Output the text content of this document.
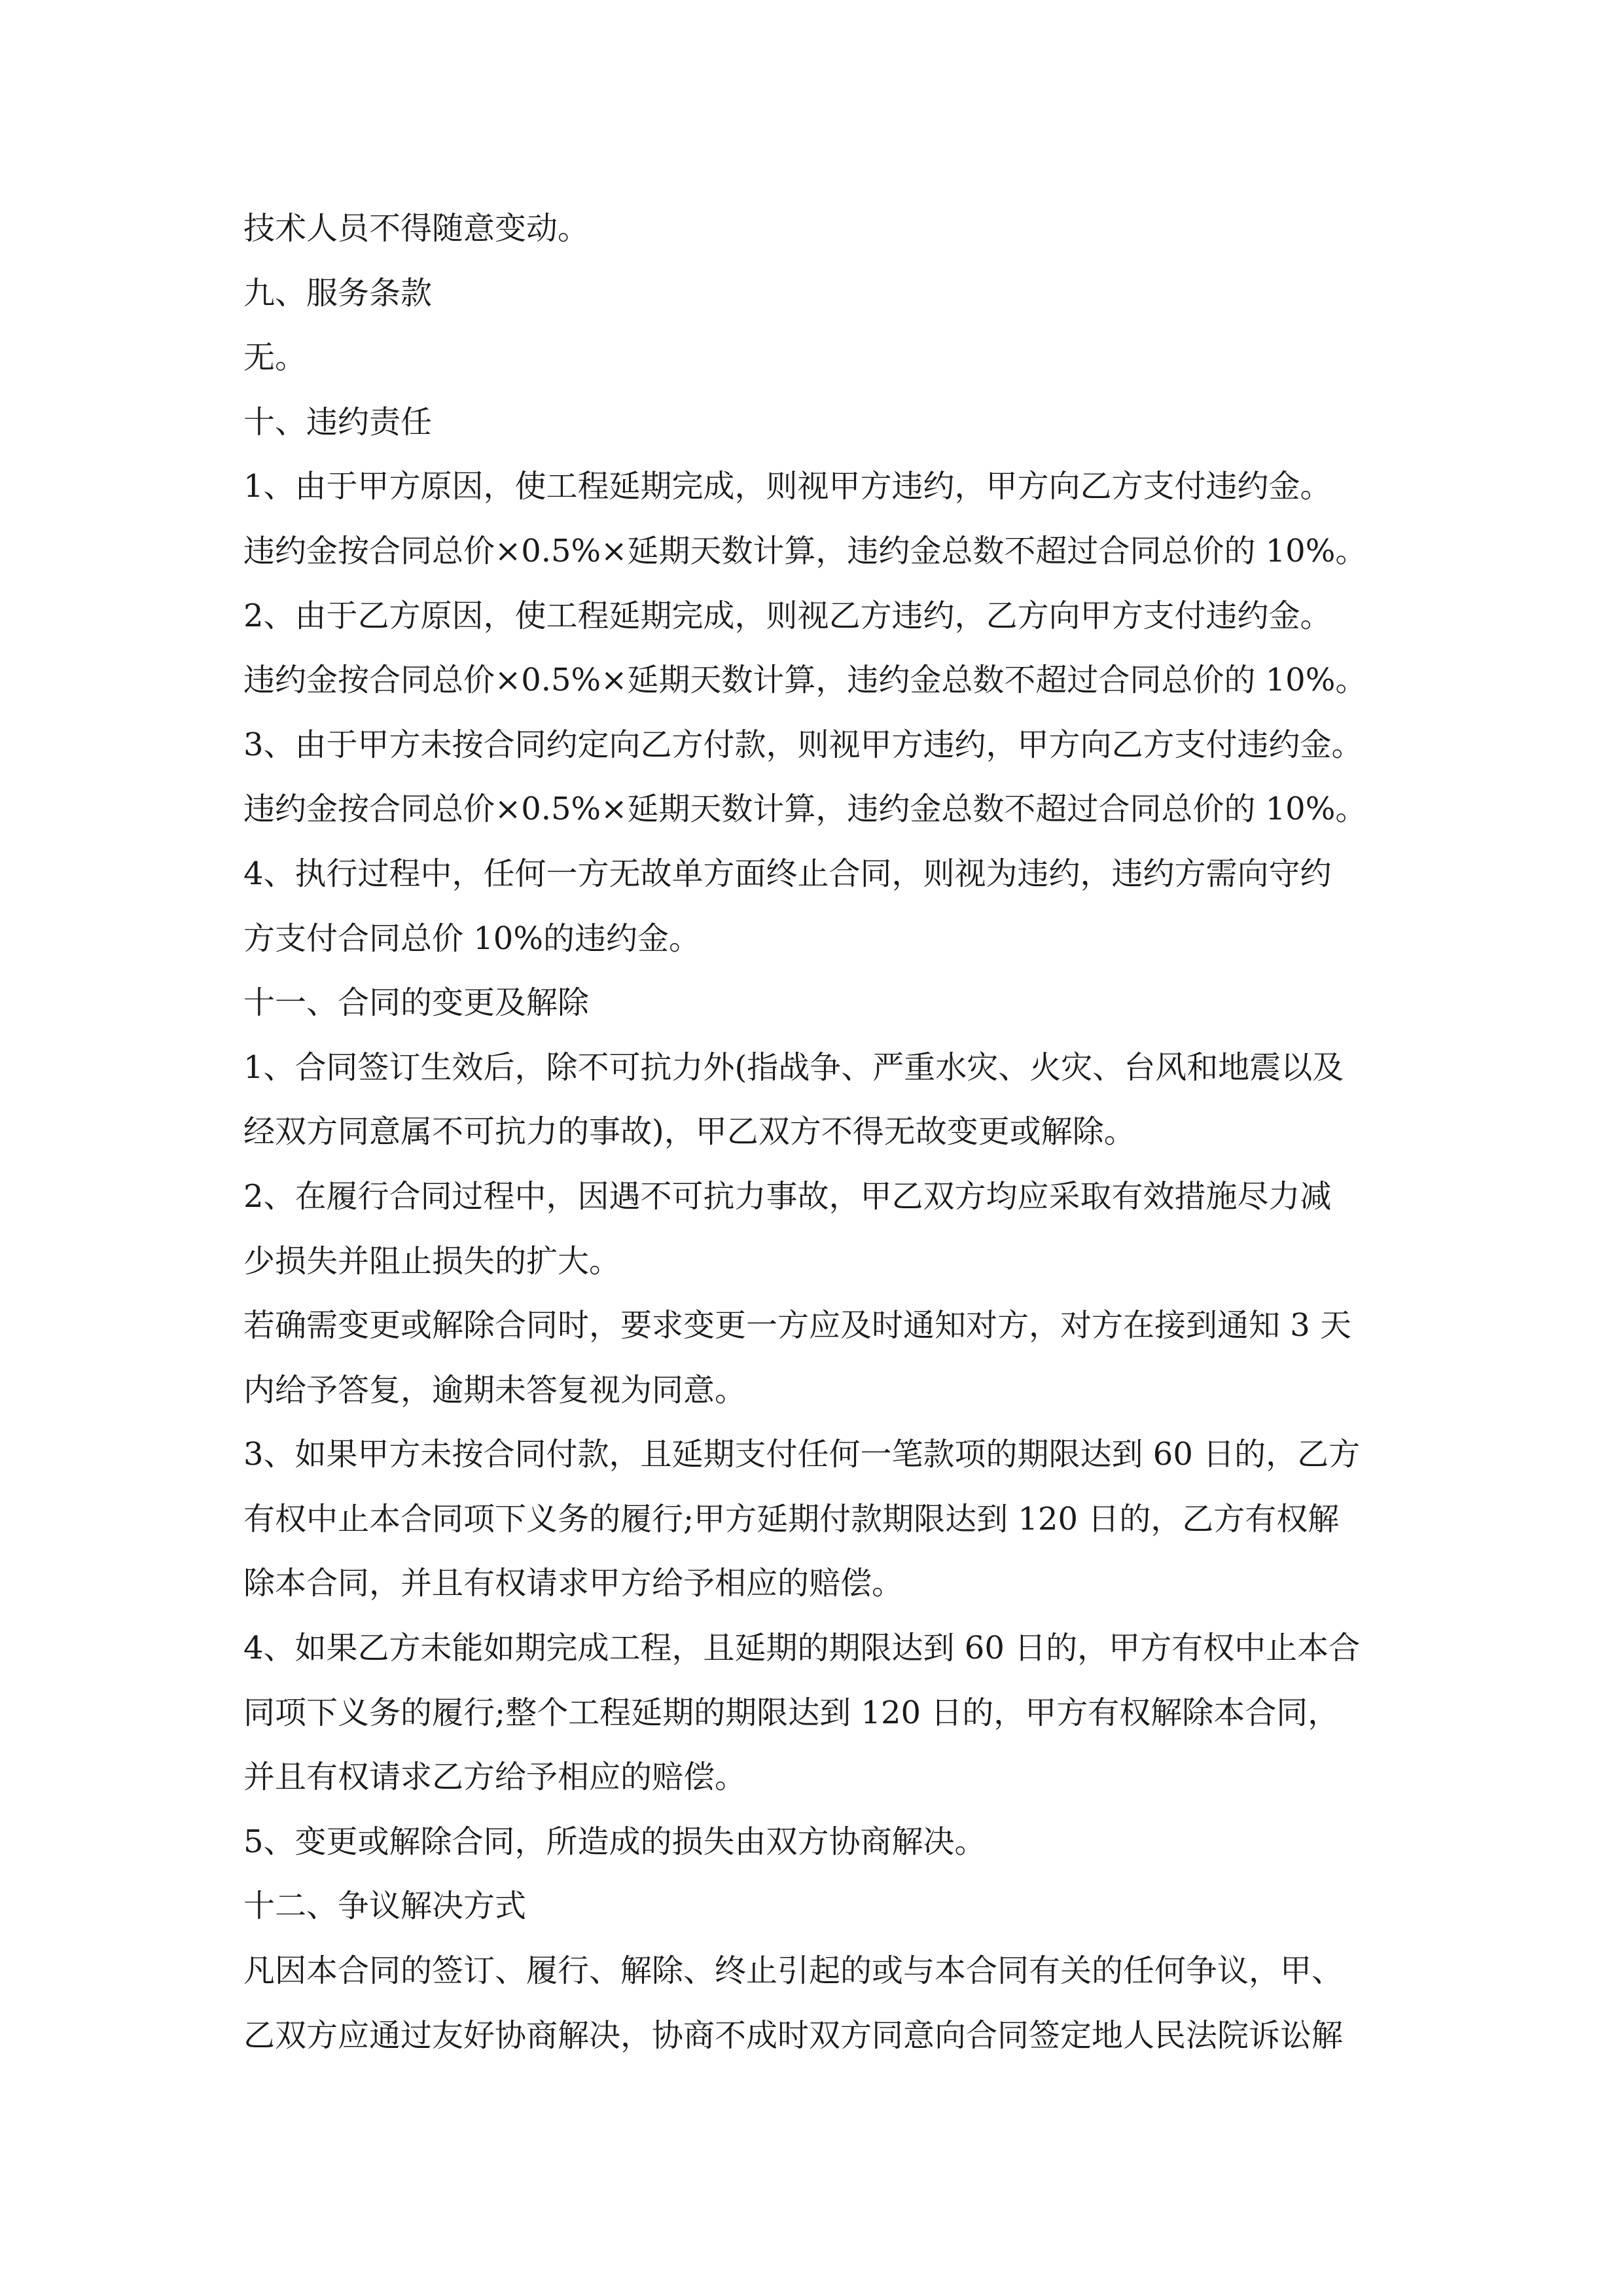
技术人员不得随意变动。
九、服务条款
无。
十、违约责任
1、由于甲方原因，使工程延期完成，则视甲方违约，甲方向乙方支付违约金。
违约金按合同总价×0.5%×延期天数计算，违约金总数不超过合同总价的 10%。
2、由于乙方原因，使工程延期完成，则视乙方违约，乙方向甲方支付违约金。
违约金按合同总价×0.5%×延期天数计算，违约金总数不超过合同总价的 10%。
3、由于甲方未按合同约定向乙方付款，则视甲方违约，甲方向乙方支付违约金。
违约金按合同总价×0.5%×延期天数计算，违约金总数不超过合同总价的 10%。
4、执行过程中，任何一方无故单方面终止合同，则视为违约，违约方需向守约
方支付合同总价 10%的违约金。
十一、合同的变更及解除
1、合同签订生效后，除不可抗力外(指战争、严重水灾、火灾、台风和地震以及
经双方同意属不可抗力的事故)，甲乙双方不得无故变更或解除。
2、在履行合同过程中，因遇不可抗力事故，甲乙双方均应采取有效措施尽力减
少损失并阻止损失的扩大。
若确需变更或解除合同时，要求变更一方应及时通知对方，对方在接到通知 3 天
内给予答复，逾期未答复视为同意。
3、如果甲方未按合同付款，且延期支付任何一笔款项的期限达到 60 日的，乙方
有权中止本合同项下义务的履行;甲方延期付款期限达到 120 日的，乙方有权解
除本合同，并且有权请求甲方给予相应的赔偿。
4、如果乙方未能如期完成工程，且延期的期限达到 60 日的，甲方有权中止本合
同项下义务的履行;整个工程延期的期限达到 120 日的，甲方有权解除本合同，
并且有权请求乙方给予相应的赔偿。
5、变更或解除合同，所造成的损失由双方协商解决。
十二、争议解决方式
凡因本合同的签订、履行、解除、终止引起的或与本合同有关的任何争议，甲、
乙双方应通过友好协商解决，协商不成时双方同意向合同签定地人民法院诉讼解
